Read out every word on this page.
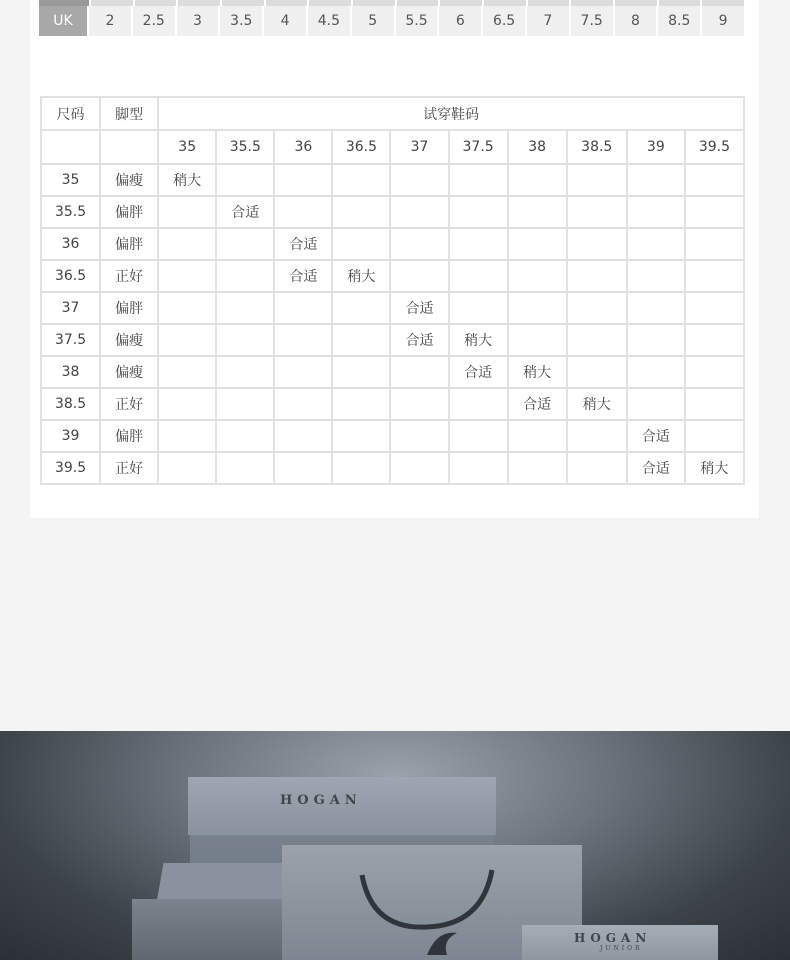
UK	2	2.5	3	3.5	4	4.5	5	5.5	6	6.5	7	7.5	8	8.5	9
尺码	脚型	试穿鞋码									
		35	35.5	36	36.5	37	37.5	38	38.5	39	39.5
35	偏瘦	稍大									
35.5	偏胖		合适								
36	偏胖			合适							
36.5	正好			合适	稍大						
37	偏胖					合适					
37.5	偏瘦					合适	稍大				
38	偏瘦						合适	稍大			
38.5	正好							合适	稍大		
39	偏胖									合适	
39.5	正好									合适	稍大
HOGAN
HOGAN
JUNIOR
